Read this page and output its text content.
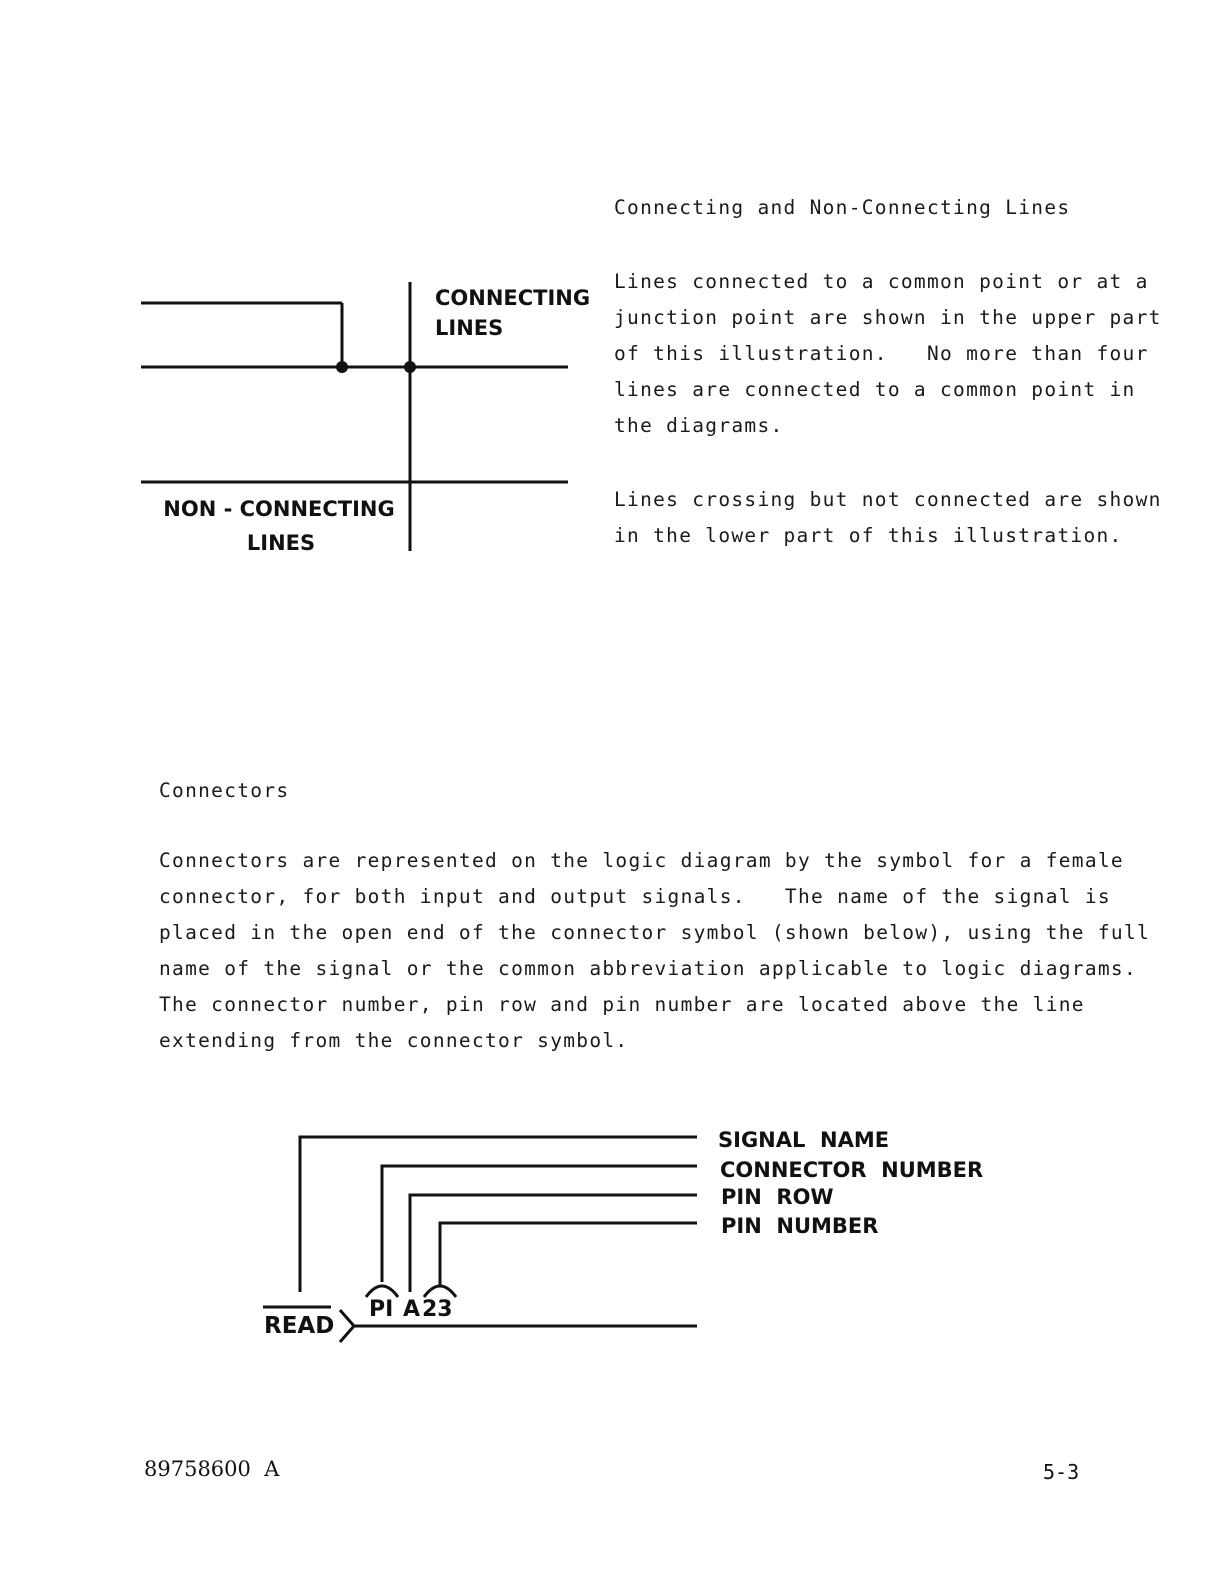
Connecting and Non-Connecting Lines
Lines connected to a common point or at a
junction point are shown in the upper part
of this illustration.   No more than four
lines are connected to a common point in
the diagrams.
Lines crossing but not connected are shown
in the lower part of this illustration.
CONNECTING
LINES
NON - CONNECTING
LINES
Connectors
Connectors are represented on the logic diagram by the symbol for a female
connector, for both input and output signals.   The name of the signal is
placed in the open end of the connector symbol (shown below), using the full
name of the signal or the common abbreviation applicable to logic diagrams.
The connector number, pin row and pin number are located above the line
extending from the connector symbol.
READ
PI A 23
SIGNAL  NAME
CONNECTOR  NUMBER
PIN  ROW
PIN  NUMBER
89758600  A	5-3
